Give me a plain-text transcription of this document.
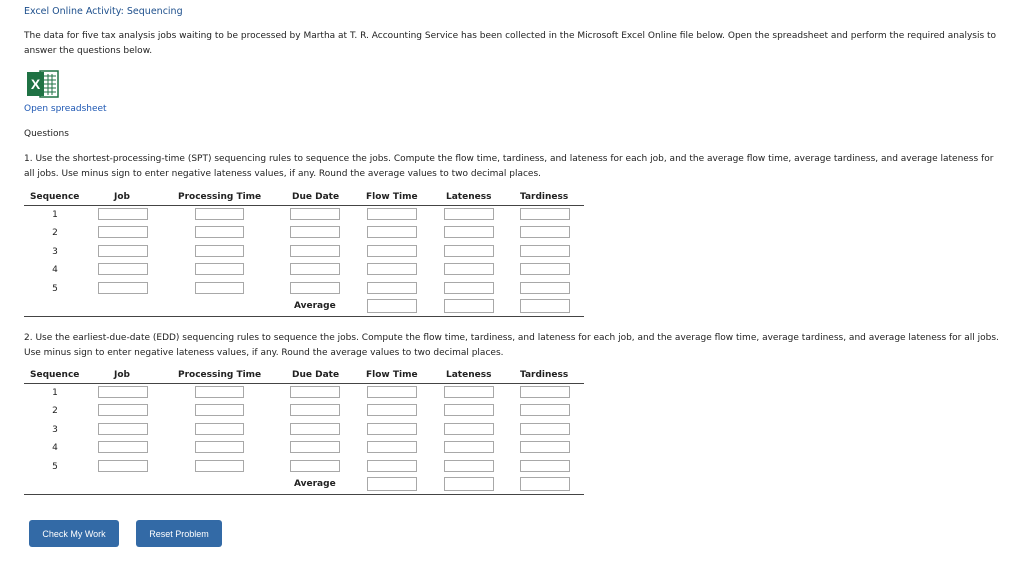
Excel Online Activity: Sequencing
The data for five tax analysis jobs waiting to be processed by Martha at T. R. Accounting Service has been collected in the Microsoft Excel Online file below. Open the spreadsheet and perform the required analysis to answer the questions below.
X
Open spreadsheet
Questions
1. Use the shortest-processing-time (SPT) sequencing rules to sequence the jobs. Compute the flow time, tardiness, and lateness for each job, and the average flow time, average tardiness, and average lateness for all jobs. Use minus sign to enter negative lateness values, if any. Round the average values to two decimal places.
Sequence	Job	Processing Time	Due Date	Flow Time	Lateness	Tardiness
1
2
3
4
5
Average
2. Use the earliest-due-date (EDD) sequencing rules to sequence the jobs. Compute the flow time, tardiness, and lateness for each job, and the average flow time, average tardiness, and average lateness for all jobs. Use minus sign to enter negative lateness values, if any. Round the average values to two decimal places.
Sequence	Job	Processing Time	Due Date	Flow Time	Lateness	Tardiness
1
2
3
4
5
Average
Check My Work	Reset Problem
